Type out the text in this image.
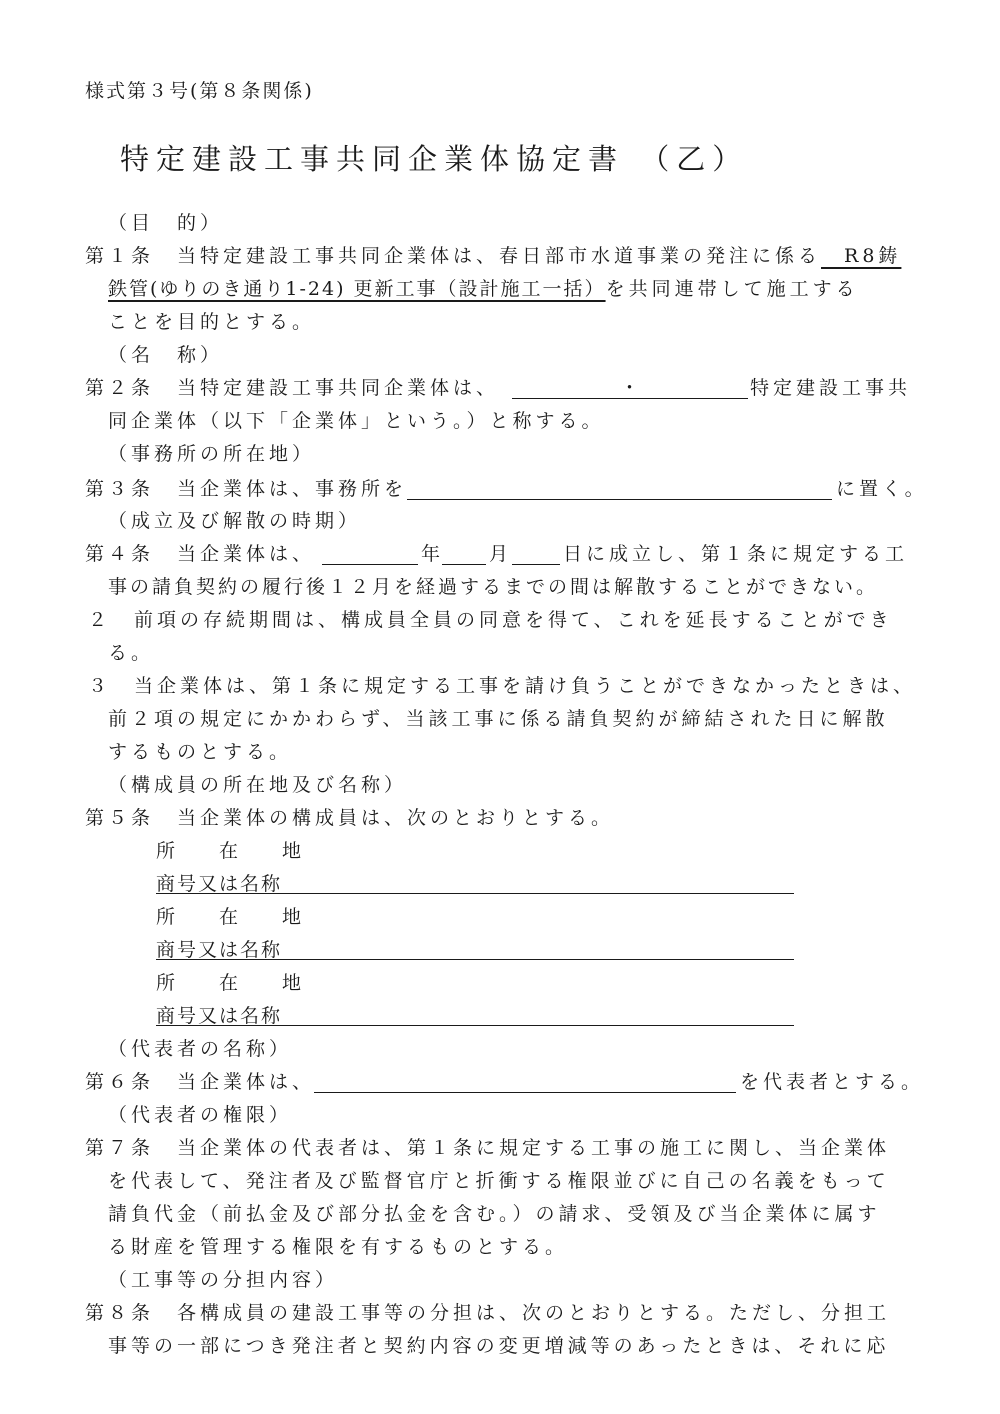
様式第３号(第８条関係)
特定建設工事共同企業体協定書 （乙）
（目　的）
第１条　当特定建設工事共同企業体は、春日部市水道事業の発注に係る　R8鋳
鉄管(ゆりのき通り1-24) 更新工事（設計施工一括）を共同連帯して施工する
ことを目的とする。
（名　称）
第２条　当特定建設工事共同企業体は、	・	特定建設工事共
同企業体（以下「企業体」という。）と称する。
（事務所の所在地）
第３条　当企業体は、事務所を	に置く。
（成立及び解散の時期）
第４条　当企業体は、	年 月	日に成立し、第１条に規定する工
事の請負契約の履行後１２月を経過するまでの間は解散することができない。
２　前項の存続期間は、構成員全員の同意を得て、これを延長することができ
る。
３　当企業体は、第１条に規定する工事を請け負うことができなかったときは、
前２項の規定にかかわらず、当該工事に係る請負契約が締結された日に解散
するものとする。
（構成員の所在地及び名称）
第５条　当企業体の構成員は、次のとおりとする。
所　　在　　地
商号又は名称
所　　在　　地
商号又は名称
所　　在　　地
商号又は名称
（代表者の名称）
第６条　当企業体は、	を代表者とする。
（代表者の権限）
第７条　当企業体の代表者は、第１条に規定する工事の施工に関し、当企業体
を代表して、発注者及び監督官庁と折衝する権限並びに自己の名義をもって
請負代金（前払金及び部分払金を含む。）の請求、受領及び当企業体に属す
る財産を管理する権限を有するものとする。
（工事等の分担内容）
第８条　各構成員の建設工事等の分担は、次のとおりとする。ただし、分担工
事等の一部につき発注者と契約内容の変更増減等のあったときは、それに応
